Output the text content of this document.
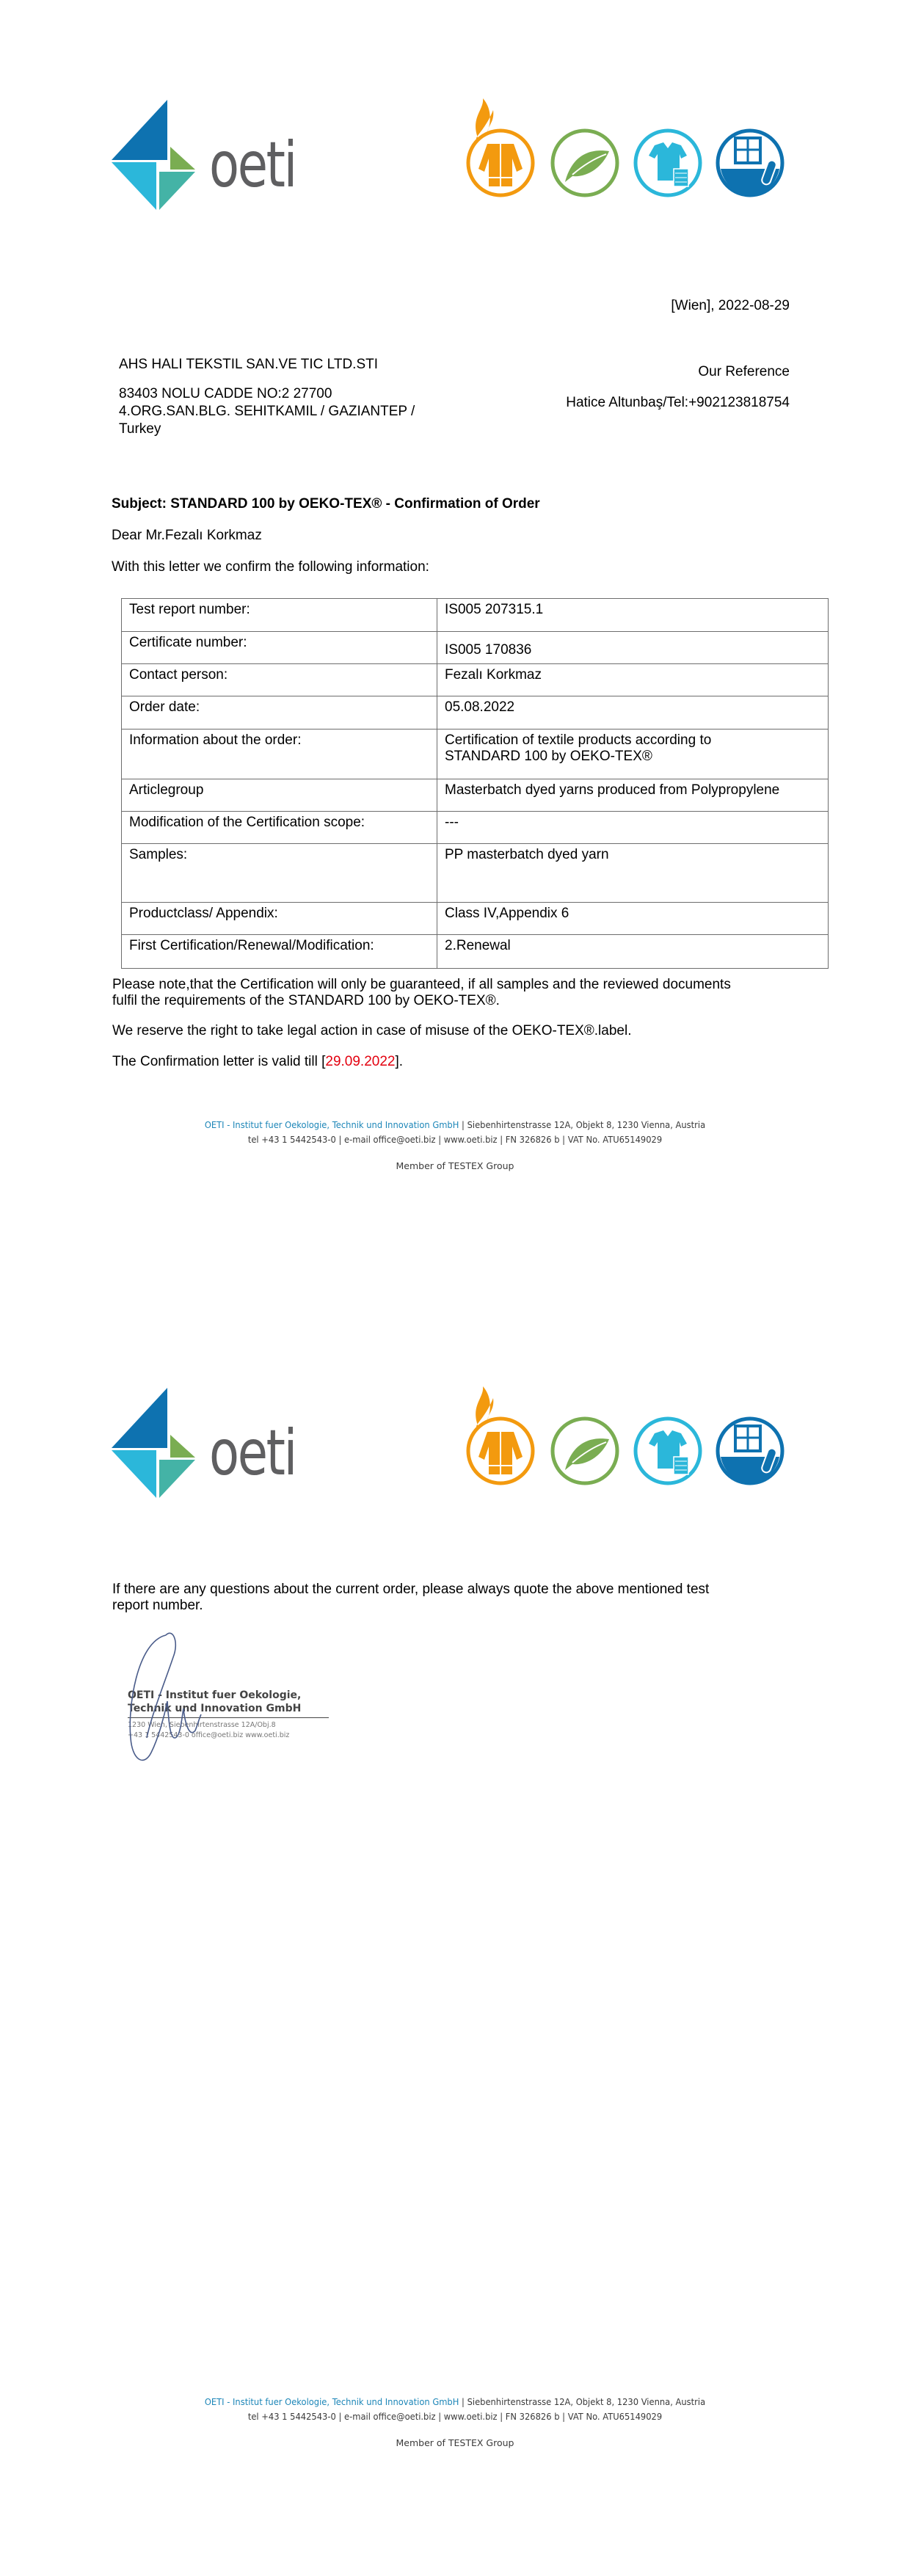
oeti
[Wien], 2022-08-29
AHS HALI TEKSTIL SAN.VE TIC LTD.STI
83403 NOLU CADDE NO:2 27700
4.ORG.SAN.BLG. SEHITKAMIL / GAZIANTEP /
Turkey
Our Reference
Hatice Altunbaş/Tel:+902123818754
Subject: STANDARD 100 by OEKO-TEX® - Confirmation of Order
Dear Mr.Fezalı Korkmaz
With this letter we confirm the following information:
Test report number:	IS005 207315.1
Certificate number:	IS005 170836
Contact person:	Fezalı Korkmaz
Order date:	05.08.2022
Information about the order:	Certification of textile products according to STANDARD 100 by OEKO-TEX®
Articlegroup	Masterbatch dyed yarns produced from Polypropylene
Modification of the Certification scope:	---
Samples:	PP masterbatch dyed yarn
Productclass/ Appendix:	Class IV,Appendix 6
First Certification/Renewal/Modification:	2.Renewal
Please note,that the Certification will only be guaranteed, if all samples and the reviewed documents
fulfil the requirements of the STANDARD 100 by OEKO-TEX®.
We reserve the right to take legal action in case of misuse of the OEKO-TEX®.label.
The Confirmation letter is valid till [29.09.2022].
OETI - Institut fuer Oekologie, Technik und Innovation GmbH | Siebenhirtenstrasse 12A, Objekt 8, 1230 Vienna, Austria
tel +43 1 5442543-0 | e-mail office@oeti.biz | www.oeti.biz | FN 326826 b | VAT No. ATU65149029
Member of TESTEX Group
oeti
If there are any questions about the current order, please always quote the above mentioned test
report number.
OETI - Institut fuer Oekologie,
Technik und Innovation GmbH
1230 Wien, Siebenhirtenstrasse 12A/Obj.8
+43 1 5442543-0 office@oeti.biz www.oeti.biz
OETI - Institut fuer Oekologie, Technik und Innovation GmbH | Siebenhirtenstrasse 12A, Objekt 8, 1230 Vienna, Austria
tel +43 1 5442543-0 | e-mail office@oeti.biz | www.oeti.biz | FN 326826 b | VAT No. ATU65149029
Member of TESTEX Group
